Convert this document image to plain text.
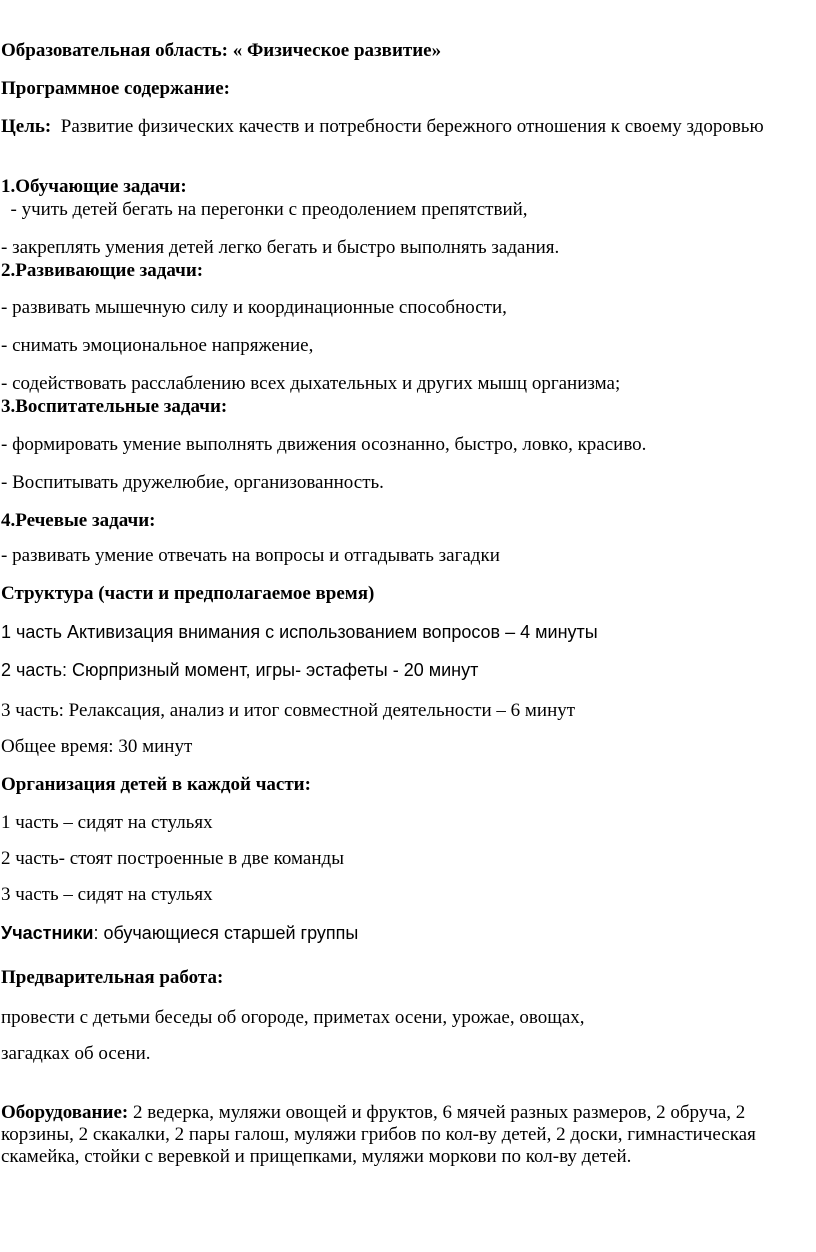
Образовательная область: « Физическое развитие»
Программное содержание:
Цель: Развитие физических качеств и потребности бережного отношения к своему здоровью
1.Обучающие задачи:
- учить детей бегать на перегонки с преодолением препятствий,
- закреплять умения детей легко бегать и быстро выполнять задания.
2.Развивающие задачи:
- развивать мышечную силу и координационные способности,
- снимать эмоциональное напряжение,
- содействовать расслаблению всех дыхательных и других мышц организма;
3.Воспитательные задачи:
- формировать умение выполнять движения осознанно, быстро, ловко, красиво.
- Воспитывать дружелюбие, организованность.
4.Речевые задачи:
- развивать умение отвечать на вопросы и отгадывать загадки
Структура (части и предполагаемое время)
1 часть Активизация внимания с использованием вопросов – 4 минуты
2 часть: Сюрпризный момент, игры- эстафеты - 20 минут
3 часть: Релаксация, анализ и итог совместной деятельности – 6 минут
Общее время: 30 минут
Организация детей в каждой части:
1 часть – сидят на стульях
2 часть- стоят построенные в две команды
3 часть – сидят на стульях
Участники: обучающиеся старшей группы
Предварительная работа:
провести с детьми беседы об огороде, приметах осени, урожае, овощах,
загадках об осени.
Оборудование: 2 ведерка, муляжи овощей и фруктов, 6 мячей разных размеров, 2 обруча, 2 корзины, 2 скакалки, 2 пары галош, муляжи грибов по кол-ву детей, 2 доски, гимнастическая скамейка, стойки с веревкой и прищепками, муляжи моркови по кол-ву детей.
